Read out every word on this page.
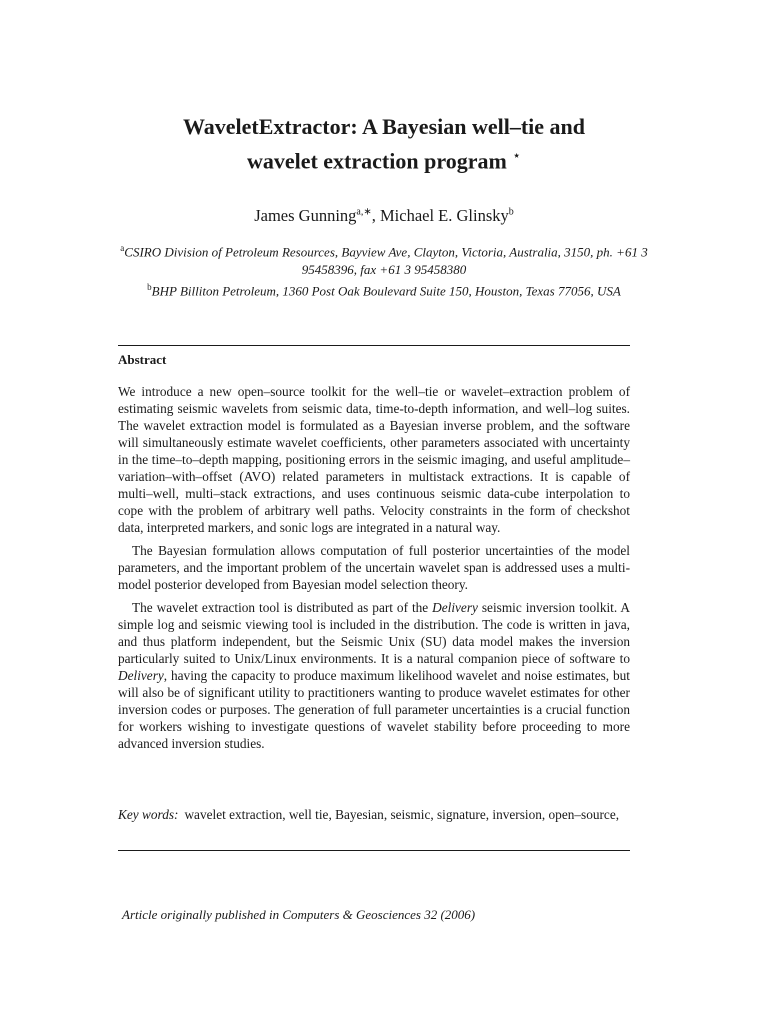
WaveletExtractor: A Bayesian well–tie and
wavelet extraction program ⋆
James Gunning$^{a,∗}$, Michael E. Glinsky$^b$
$^a$CSIRO Division of Petroleum Resources, Bayview Ave, Clayton, Victoria, Australia, 3150, ph. +61 3 95458396, fax +61 3 95458380
$^b$BHP Billiton Petroleum, 1360 Post Oak Boulevard Suite 150, Houston, Texas 77056, USA
Abstract

We introduce a new open–source toolkit for the well–tie or wavelet–extraction problem of estimating seismic wavelets from seismic data, time-to-depth information, and well–log suites. The wavelet extraction model is formulated as a Bayesian inverse problem, and the software will simultaneously estimate wavelet coefficients, other parameters associated with uncertainty in the time–to–depth mapping, positioning errors in the seismic imaging, and useful amplitude–variation–with–offset (AVO) related parameters in multistack extractions. It is capable of multi–well, multi–stack extractions, and uses continuous seismic data-cube interpolation to cope with the problem of arbitrary well paths. Velocity constraints in the form of checkshot data, interpreted markers, and sonic logs are integrated in a natural way.

The Bayesian formulation allows computation of full posterior uncertainties of the model parameters, and the important problem of the uncertain wavelet span is addressed uses a multi-model posterior developed from Bayesian model selection theory.

The wavelet extraction tool is distributed as part of the Delivery seismic inversion toolkit. A simple log and seismic viewing tool is included in the distribution. The code is written in java, and thus platform independent, but the Seismic Unix (SU) data model makes the inversion particularly suited to Unix/Linux environments. It is a natural companion piece of software to Delivery, having the capacity to produce maximum likelihood wavelet and noise estimates, but will also be of significant utility to practitioners wanting to produce wavelet estimates for other inversion codes or purposes. The generation of full parameter uncertainties is a crucial function for workers wishing to investigate questions of wavelet stability before proceeding to more advanced inversion studies.

Key words: wavelet extraction, well tie, Bayesian, seismic, signature, inversion, open–source,
Article originally published in Computers & Geosciences 32 (2006)
